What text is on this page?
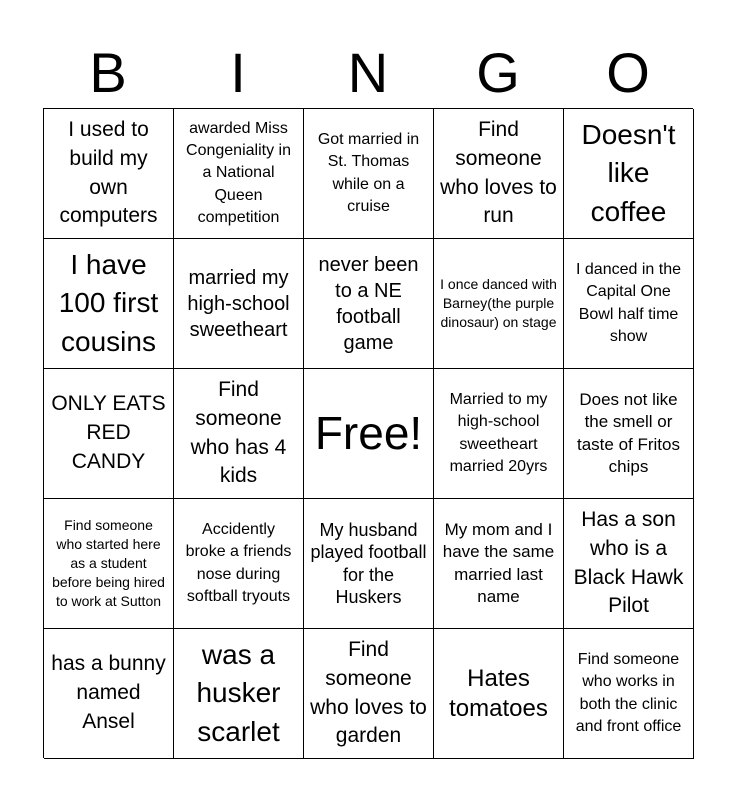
B	I	N	G	O
I used to build my own computers
awarded Miss Congeniality in a National Queen competition
Got married in St. Thomas while on a cruise
Find someone who loves to run
Doesn't like coffee
I have 100 first cousins
married my high-school sweetheart
never been to a NE football game
I once danced with Barney(the purple dinosaur) on stage
I danced in the Capital One Bowl half time show
ONLY EATS RED CANDY
Find someone who has 4 kids
Free!
Married to my high-school sweetheart married 20yrs
Does not like the smell or taste of Fritos chips
Find someone who started here as a student before being hired to work at Sutton
Accidently broke a friends nose during softball tryouts
My husband played football for the Huskers
My mom and I have the same married last name
Has a son who is a Black Hawk Pilot
has a bunny named Ansel
was a husker scarlet
Find someone who loves to garden
Hates tomatoes
Find someone who works in both the clinic and front office
